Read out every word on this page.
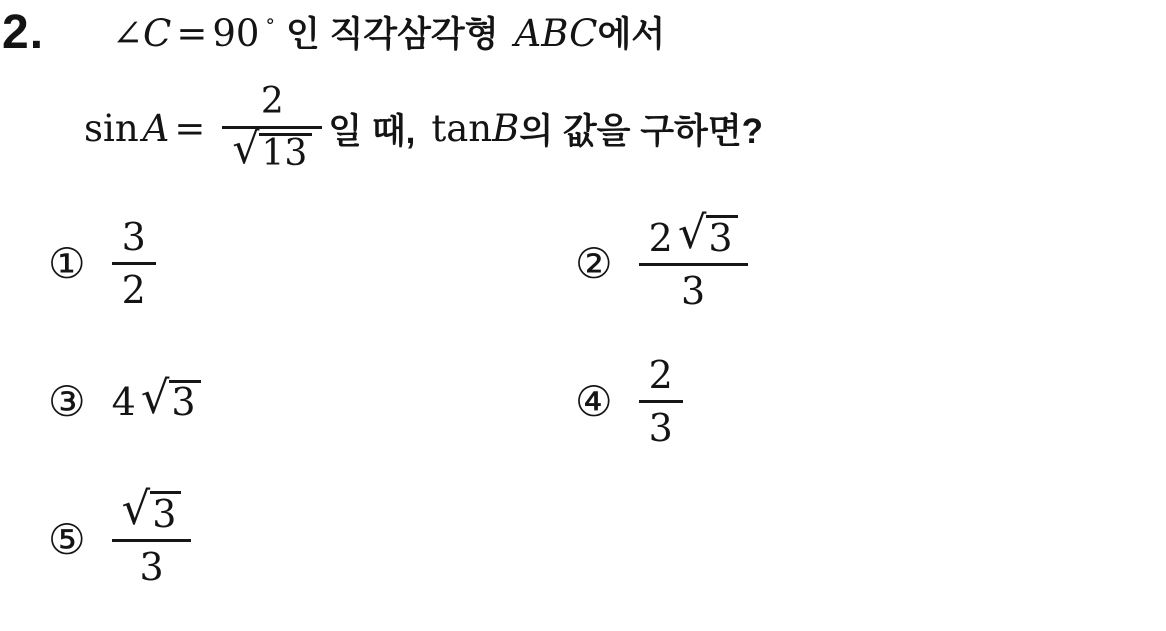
2.	∠ C = 90 ° 인 직각삼각형 ABC 에서
$\sin A = \frac{2}{√ 13}$ 일 때, tan B 의 값을 구하면?
① $\frac{3}{2}$	② $\frac{2 √ 3}{3}$
③ 4 √ 3	④ $\frac{2}{3}$
⑤ $\frac{√ 3}{3}$
